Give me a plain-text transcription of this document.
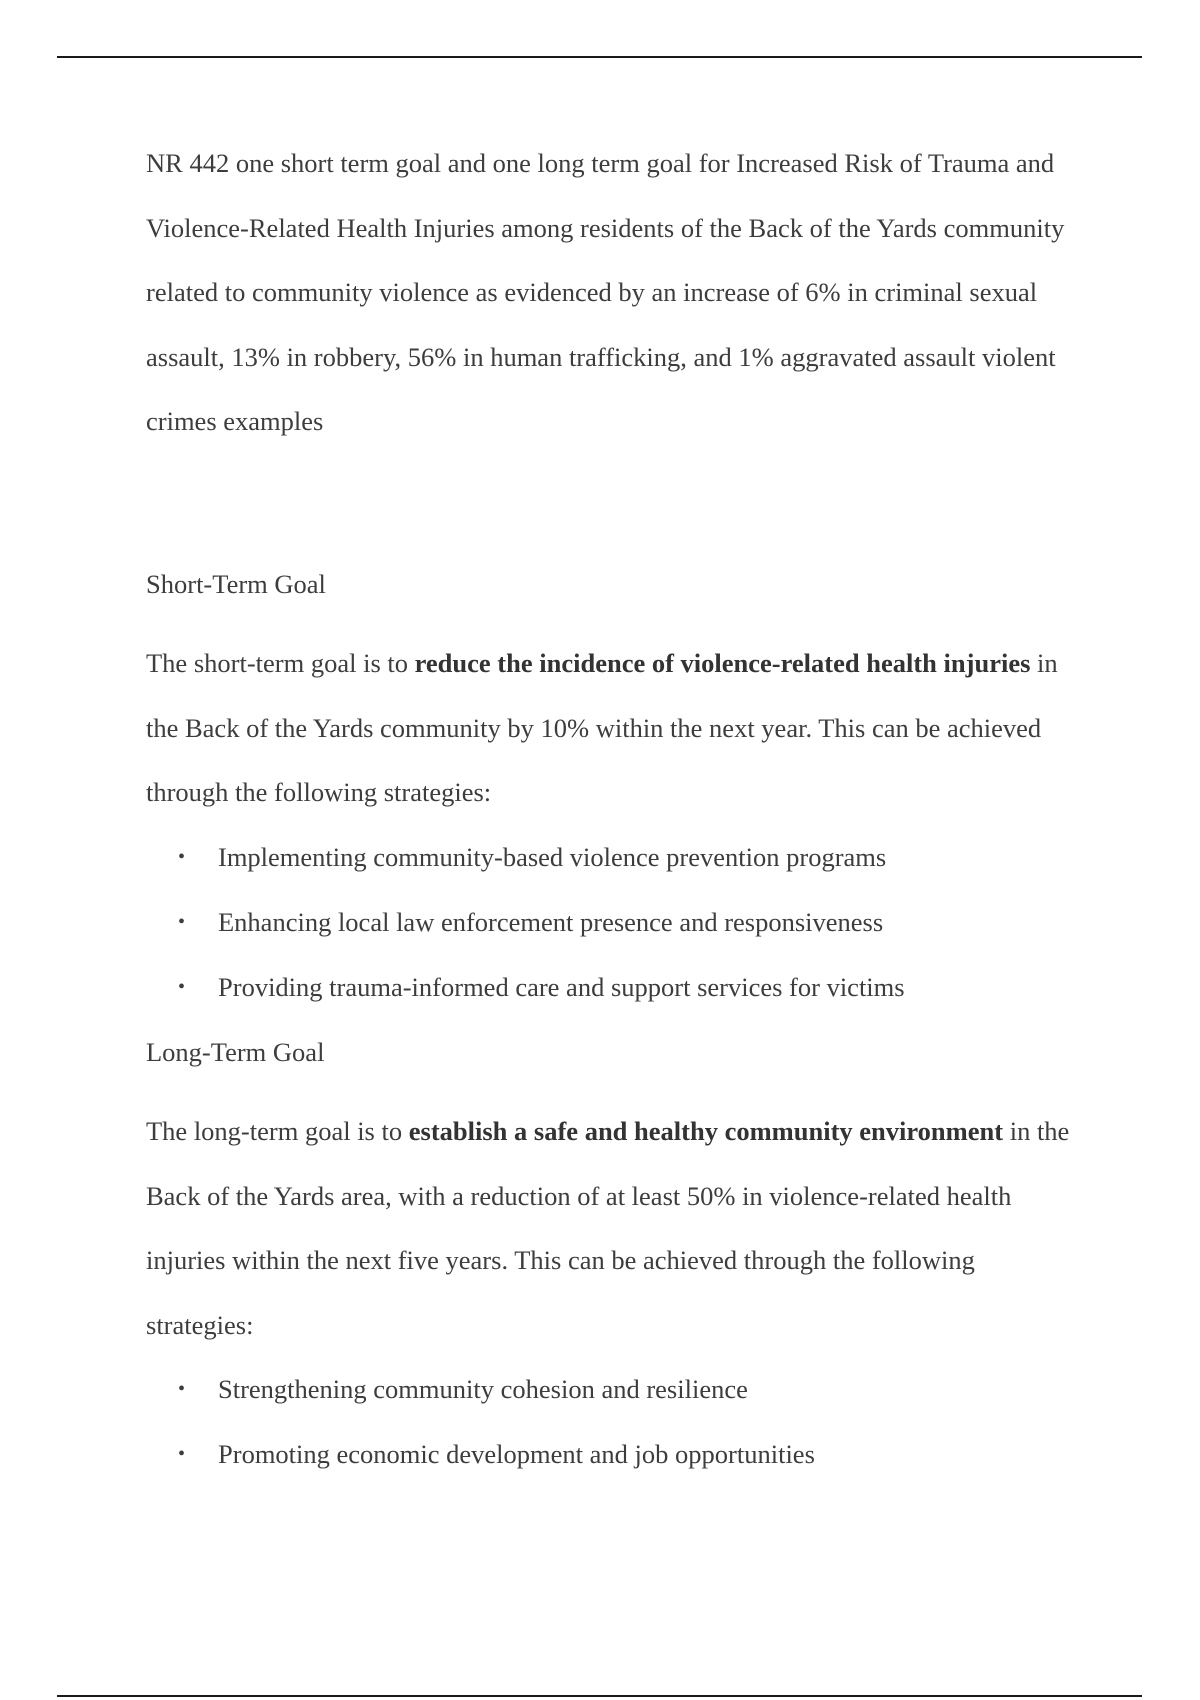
NR 442 one short term goal and one long term goal for Increased Risk of Trauma and Violence-Related Health Injuries among residents of the Back of the Yards community related to community violence as evidenced by an increase of 6% in criminal sexual assault, 13% in robbery, 56% in human trafficking, and 1% aggravated assault violent crimes examples

Short-Term Goal

The short-term goal is to reduce the incidence of violence-related health injuries in the Back of the Yards community by 10% within the next year. This can be achieved through the following strategies:

• Implementing community-based violence prevention programs
• Enhancing local law enforcement presence and responsiveness
• Providing trauma-informed care and support services for victims

Long-Term Goal

The long-term goal is to establish a safe and healthy community environment in the Back of the Yards area, with a reduction of at least 50% in violence-related health injuries within the next five years. This can be achieved through the following strategies:

• Strengthening community cohesion and resilience
• Promoting economic development and job opportunities
